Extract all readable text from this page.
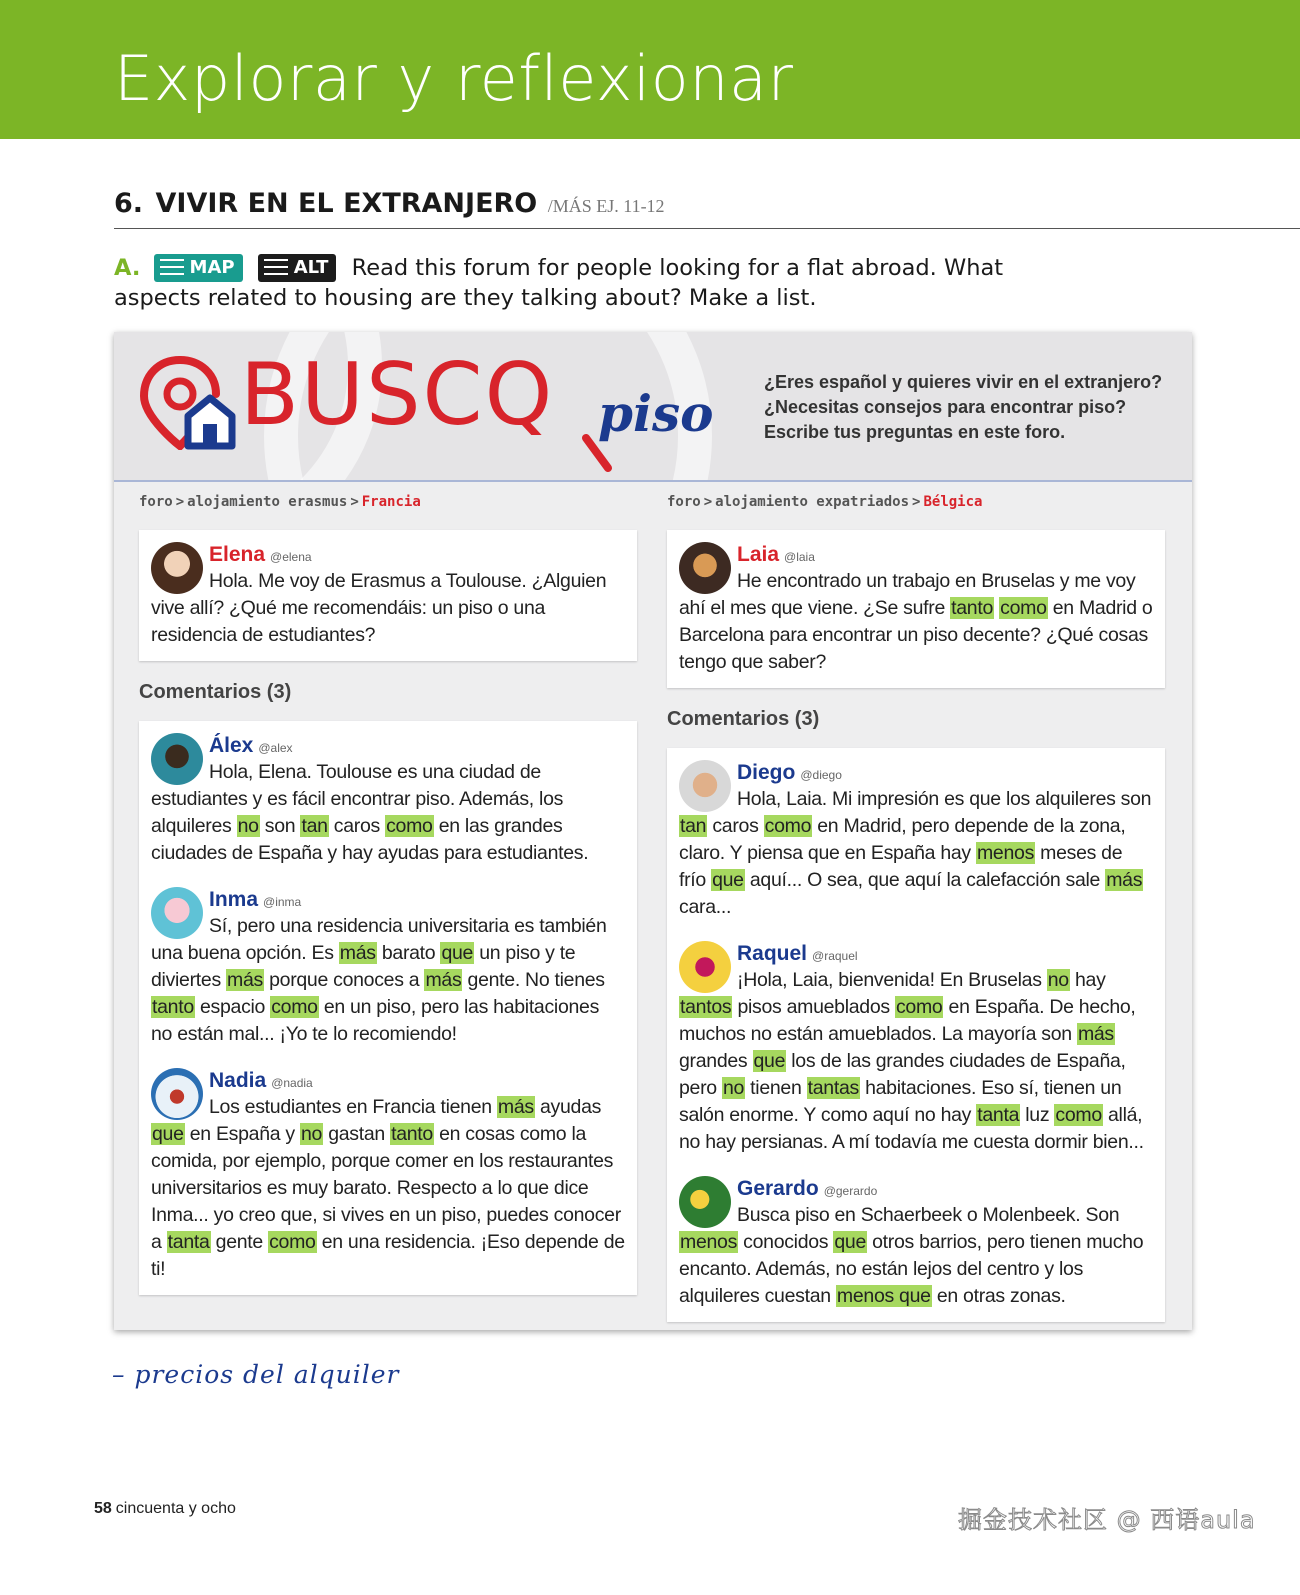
Explorar y reflexionar
6. VIVIR EN EL EXTRANJERO /MÁS EJ. 11-12
A.	MAP	ALT Read this forum for people looking for a flat abroad. What aspects related to housing are they talking about? Make a list.
BUSCQ piso
¿Eres español y quieres vivir en el extranjero?
¿Necesitas consejos para encontrar piso?
Escribe tus preguntas en este foro.
foro > alojamiento erasmus > Francia
Elena @elena
Hola. Me voy de Erasmus a Toulouse. ¿Alguien vive allí? ¿Qué me recomendáis: un piso o una residencia de estudiantes?
Comentarios (3)
Álex @alex
Hola, Elena. Toulouse es una ciudad de estudiantes y es fácil encontrar piso. Además, los alquileres no son tan caros como en las grandes ciudades de España y hay ayudas para estudiantes.
Inma @inma
Sí, pero una residencia universitaria es también una buena opción. Es más barato que un piso y te diviertes más porque conoces a más gente. No tienes tanto espacio como en un piso, pero las habitaciones no están mal... ¡Yo te lo recomiendo!
Nadia @nadia
Los estudiantes en Francia tienen más ayudas que en España y no gastan tanto en cosas como la comida, por ejemplo, porque comer en los restaurantes universitarios es muy barato. Respecto a lo que dice Inma... yo creo que, si vives en un piso, puedes conocer a tanta gente como en una residencia. ¡Eso depende de ti!
foro > alojamiento expatriados > Bélgica
Laia @laia
He encontrado un trabajo en Bruselas y me voy ahí el mes que viene. ¿Se sufre tanto como en Madrid o Barcelona para encontrar un piso decente? ¿Qué cosas tengo que saber?
Comentarios (3)
Diego @diego
Hola, Laia. Mi impresión es que los alquileres son tan caros como en Madrid, pero depende de la zona, claro. Y piensa que en España hay menos meses de frío que aquí... O sea, que aquí la calefacción sale más cara...
Raquel @raquel
¡Hola, Laia, bienvenida! En Bruselas no hay tantos pisos amueblados como en España. De hecho, muchos no están amueblados. La mayoría son más grandes que los de las grandes ciudades de España, pero no tienen tantas habitaciones. Eso sí, tienen un salón enorme. Y como aquí no hay tanta luz como allá, no hay persianas. A mí todavía me cuesta dormir bien...
Gerardo @gerardo
Busca piso en Schaerbeek o Molenbeek. Son menos conocidos que otros barrios, pero tienen mucho encanto. Además, no están lejos del centro y los alquileres cuestan menos que en otras zonas.
– precios del alquiler
58 cincuenta y ocho	掘金技术社区 @ 西语aula
